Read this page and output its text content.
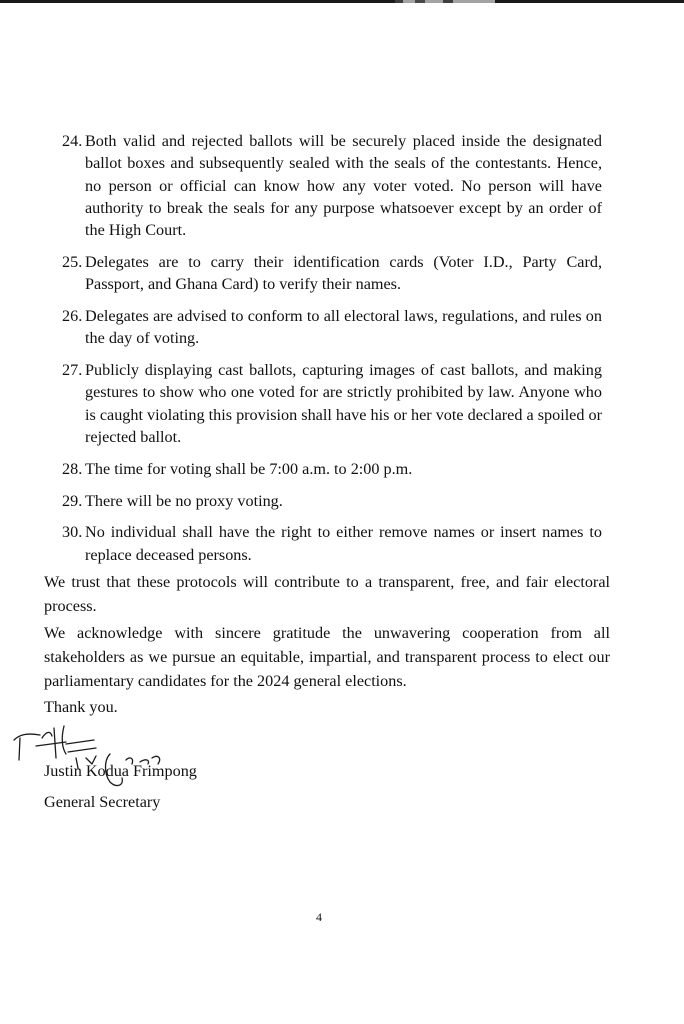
24. Both valid and rejected ballots will be securely placed inside the designated ballot boxes and subsequently sealed with the seals of the contestants. Hence, no person or official can know how any voter voted. No person will have authority to break the seals for any purpose whatsoever except by an order of the High Court.
25. Delegates are to carry their identification cards (Voter I.D., Party Card, Passport, and Ghana Card) to verify their names.
26. Delegates are advised to conform to all electoral laws, regulations, and rules on the day of voting.
27. Publicly displaying cast ballots, capturing images of cast ballots, and making gestures to show who one voted for are strictly prohibited by law. Anyone who is caught violating this provision shall have his or her vote declared a spoiled or rejected ballot.
28. The time for voting shall be 7:00 a.m. to 2:00 p.m.
29. There will be no proxy voting.
30. No individual shall have the right to either remove names or insert names to replace deceased persons.

We trust that these protocols will contribute to a transparent, free, and fair electoral process.

We acknowledge with sincere gratitude the unwavering cooperation from all stakeholders as we pursue an equitable, impartial, and transparent process to elect our parliamentary candidates for the 2024 general elections.

Thank you.

Justin Kodua Frimpong

General Secretary

4
